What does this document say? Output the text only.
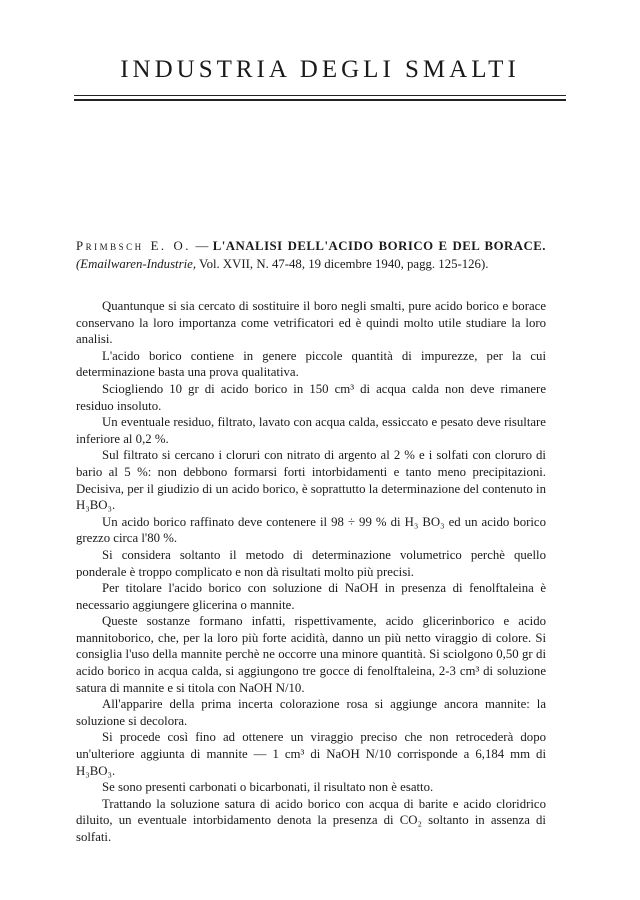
INDUSTRIA DEGLI SMALTI

Primbsch E. O. — L'ANALISI DELL'ACIDO BORICO E DEL BORACE. (Emailwaren-Industrie, Vol. XVII, N. 47-48, 19 dicembre 1940, pagg. 125-126).

Quantunque si sia cercato di sostituire il boro negli smalti, pure acido borico e borace conservano la loro importanza come vetrificatori ed è quindi molto utile studiare la loro analisi.

L'acido borico contiene in genere piccole quantità di impurezze, per la cui determinazione basta una prova qualitativa.

Sciogliendo 10 gr di acido borico in 150 cm³ di acqua calda non deve rimanere residuo insoluto.

Un eventuale residuo, filtrato, lavato con acqua calda, essiccato e pesato deve risultare inferiore al 0,2 %.

Sul filtrato si cercano i cloruri con nitrato di argento al 2 % e i solfati con cloruro di bario al 5 %: non debbono formarsi forti intorbidamenti e tanto meno precipitazioni. Decisiva, per il giudizio di un acido borico, è soprattutto la determinazione del contenuto in H₃BO₃.

Un acido borico raffinato deve contenere il 98 ÷ 99 % di H₃ BO₃ ed un acido borico grezzo circa l'80 %.

Si considera soltanto il metodo di determinazione volumetrico perchè quello ponderale è troppo complicato e non dà risultati molto più precisi.

Per titolare l'acido borico con soluzione di NaOH in presenza di fenolftaleina è necessario aggiungere glicerina o mannite.

Queste sostanze formano infatti, rispettivamente, acido glicerinborico e acido mannitoborico, che, per la loro più forte acidità, danno un più netto viraggio di colore. Si consiglia l'uso della mannite perchè ne occorre una minore quantità. Si sciolgono 0,50 gr di acido borico in acqua calda, si aggiungono tre gocce di fenolftaleina, 2-3 cm³ di soluzione satura di mannite e si titola con NaOH N/10.

All'apparire della prima incerta colorazione rosa si aggiunge ancora mannite: la soluzione si decolora.

Si procede così fino ad ottenere un viraggio preciso che non retrocederà dopo un'ulteriore aggiunta di mannite — 1 cm³ di NaOH N/10 corrisponde a 6,184 mm di H₃BO₃.

Se sono presenti carbonati o bicarbonati, il risultato non è esatto.

Trattando la soluzione satura di acido borico con acqua di barite e acido cloridrico diluito, un eventuale intorbidamento denota la presenza di CO₂ soltanto in assenza di solfati.
